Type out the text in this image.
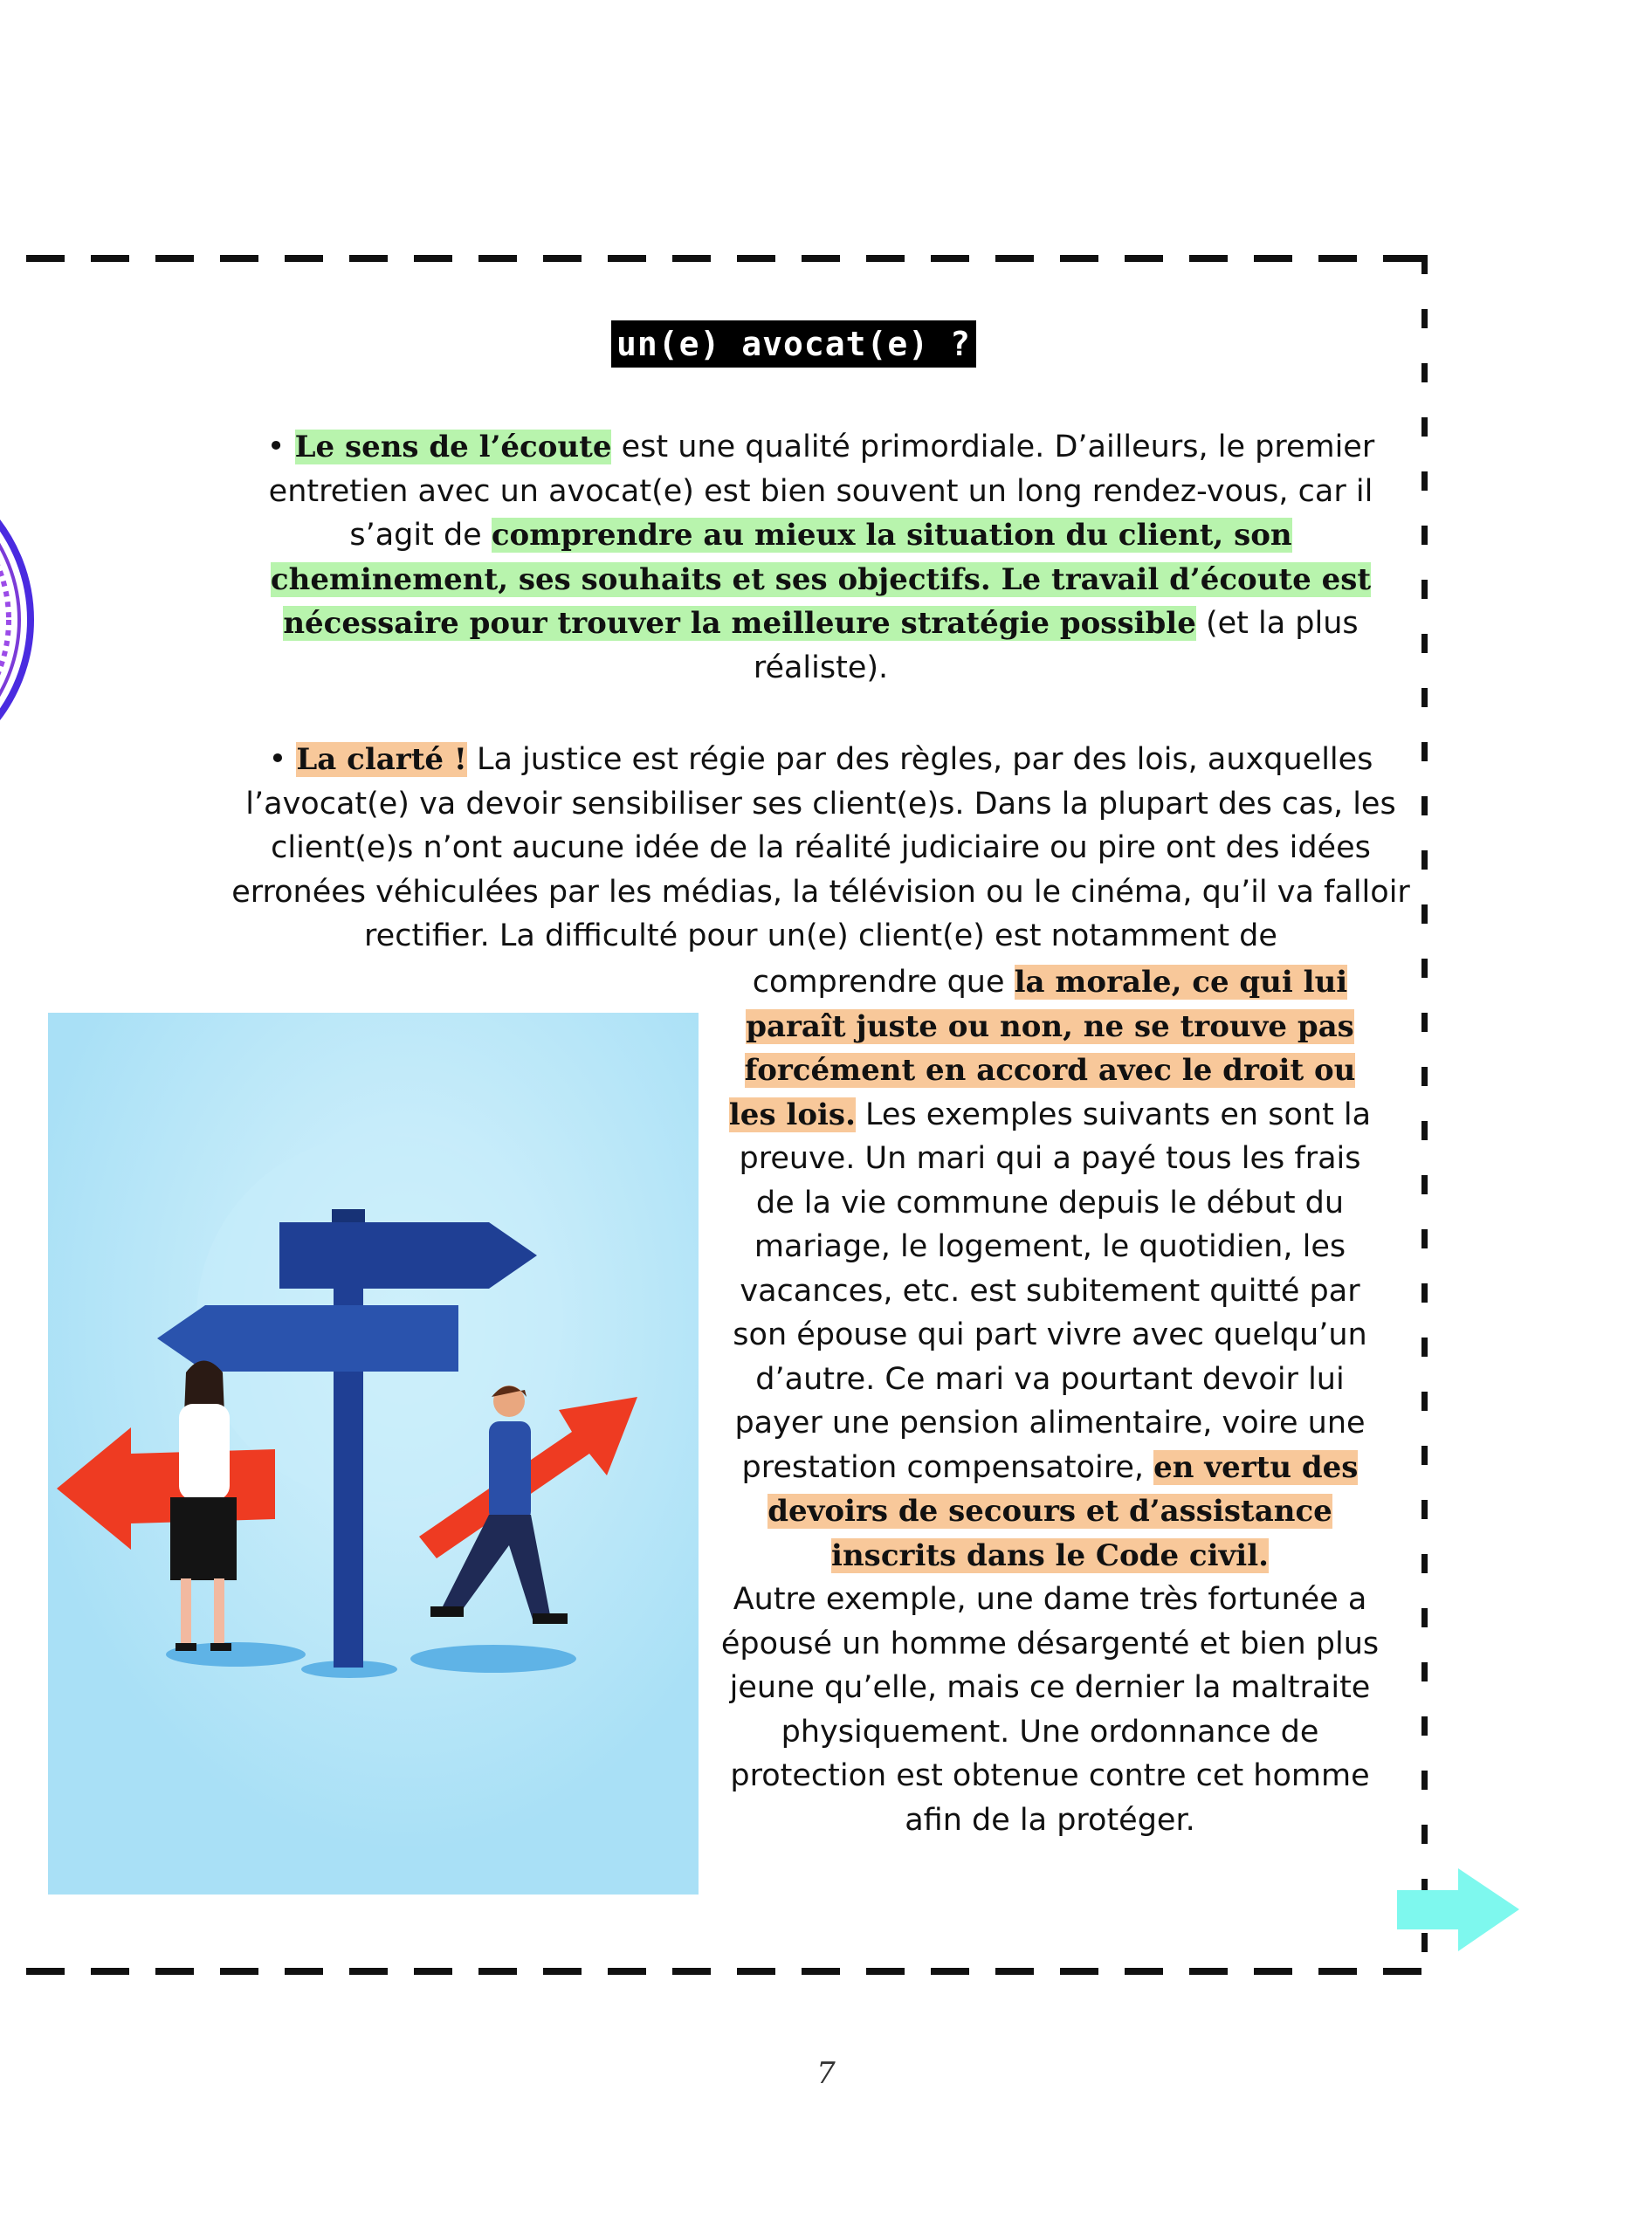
un(e) avocat(e) ?
• Le sens de l’écoute est une qualité primordiale. D’ailleurs, le premier entretien avec un avocat(e) est bien souvent un long rendez-vous, car il s’agit de comprendre au mieux la situation du client, son cheminement, ses souhaits et ses objectifs. Le travail d’écoute est nécessaire pour trouver la meilleure stratégie possible (et la plus réaliste).
• La clarté ! La justice est régie par des règles, par des lois, auxquelles l’avocat(e) va devoir sensibiliser ses client(e)s. Dans la plupart des cas, les client(e)s n’ont aucune idée de la réalité judiciaire ou pire ont des idées erronées véhiculées par les médias, la télévision ou le cinéma, qu’il va falloir rectifier. La difficulté pour un(e) client(e) est notamment de
comprendre que la morale, ce qui lui paraît juste ou non, ne se trouve pas forcément en accord avec le droit ou les lois. Les exemples suivants en sont la preuve. Un mari qui a payé tous les frais de la vie commune depuis le début du mariage, le logement, le quotidien, les vacances, etc. est subitement quitté par son épouse qui part vivre avec quelqu’un d’autre. Ce mari va pourtant devoir lui payer une pension alimentaire, voire une prestation compensatoire, en vertu des devoirs de secours et d’assistance inscrits dans le Code civil.
Autre exemple, une dame très fortunée a épousé un homme désargenté et bien plus jeune qu’elle, mais ce dernier la maltraite physiquement. Une ordonnance de protection est obtenue contre cet homme afin de la protéger.
7
